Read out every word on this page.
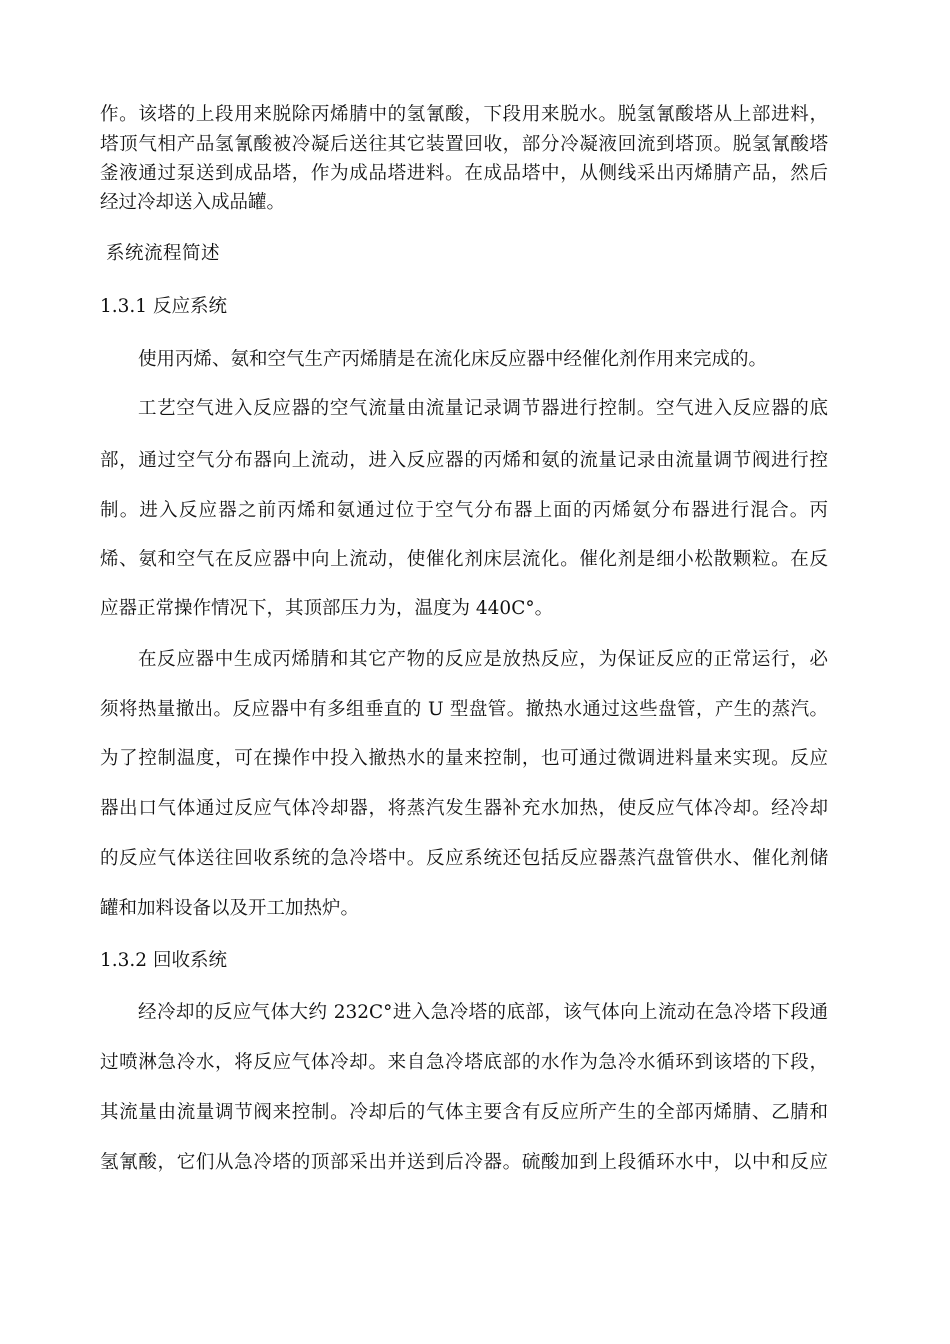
作。该塔的上段用来脱除丙烯腈中的氢氰酸，下段用来脱水。脱氢氰酸塔从上部进料，
塔顶气相产品氢氰酸被冷凝后送往其它装置回收，部分冷凝液回流到塔顶。脱氢氰酸塔
釜液通过泵送到成品塔，作为成品塔进料。在成品塔中，从侧线采出丙烯腈产品，然后
经过冷却送入成品罐。
系统流程简述
1.3.1 反应系统
使用丙烯、氨和空气生产丙烯腈是在流化床反应器中经催化剂作用来完成的。
工艺空气进入反应器的空气流量由流量记录调节器进行控制。空气进入反应器的底
部，通过空气分布器向上流动，进入反应器的丙烯和氨的流量记录由流量调节阀进行控
制。进入反应器之前丙烯和氨通过位于空气分布器上面的丙烯氨分布器进行混合。丙
烯、氨和空气在反应器中向上流动，使催化剂床层流化。催化剂是细小松散颗粒。在反
应器正常操作情况下，其顶部压力为，温度为 440C°。
在反应器中生成丙烯腈和其它产物的反应是放热反应，为保证反应的正常运行，必
须将热量撤出。反应器中有多组垂直的 U 型盘管。撤热水通过这些盘管，产生的蒸汽。
为了控制温度，可在操作中投入撤热水的量来控制，也可通过微调进料量来实现。反应
器出口气体通过反应气体冷却器，将蒸汽发生器补充水加热，使反应气体冷却。经冷却
的反应气体送往回收系统的急冷塔中。反应系统还包括反应器蒸汽盘管供水、催化剂储
罐和加料设备以及开工加热炉。
1.3.2 回收系统
经冷却的反应气体大约 232C°进入急冷塔的底部，该气体向上流动在急冷塔下段通
过喷淋急冷水，将反应气体冷却。来自急冷塔底部的水作为急冷水循环到该塔的下段，
其流量由流量调节阀来控制。冷却后的气体主要含有反应所产生的全部丙烯腈、乙腈和
氢氰酸，它们从急冷塔的顶部采出并送到后冷器。硫酸加到上段循环水中，以中和反应
